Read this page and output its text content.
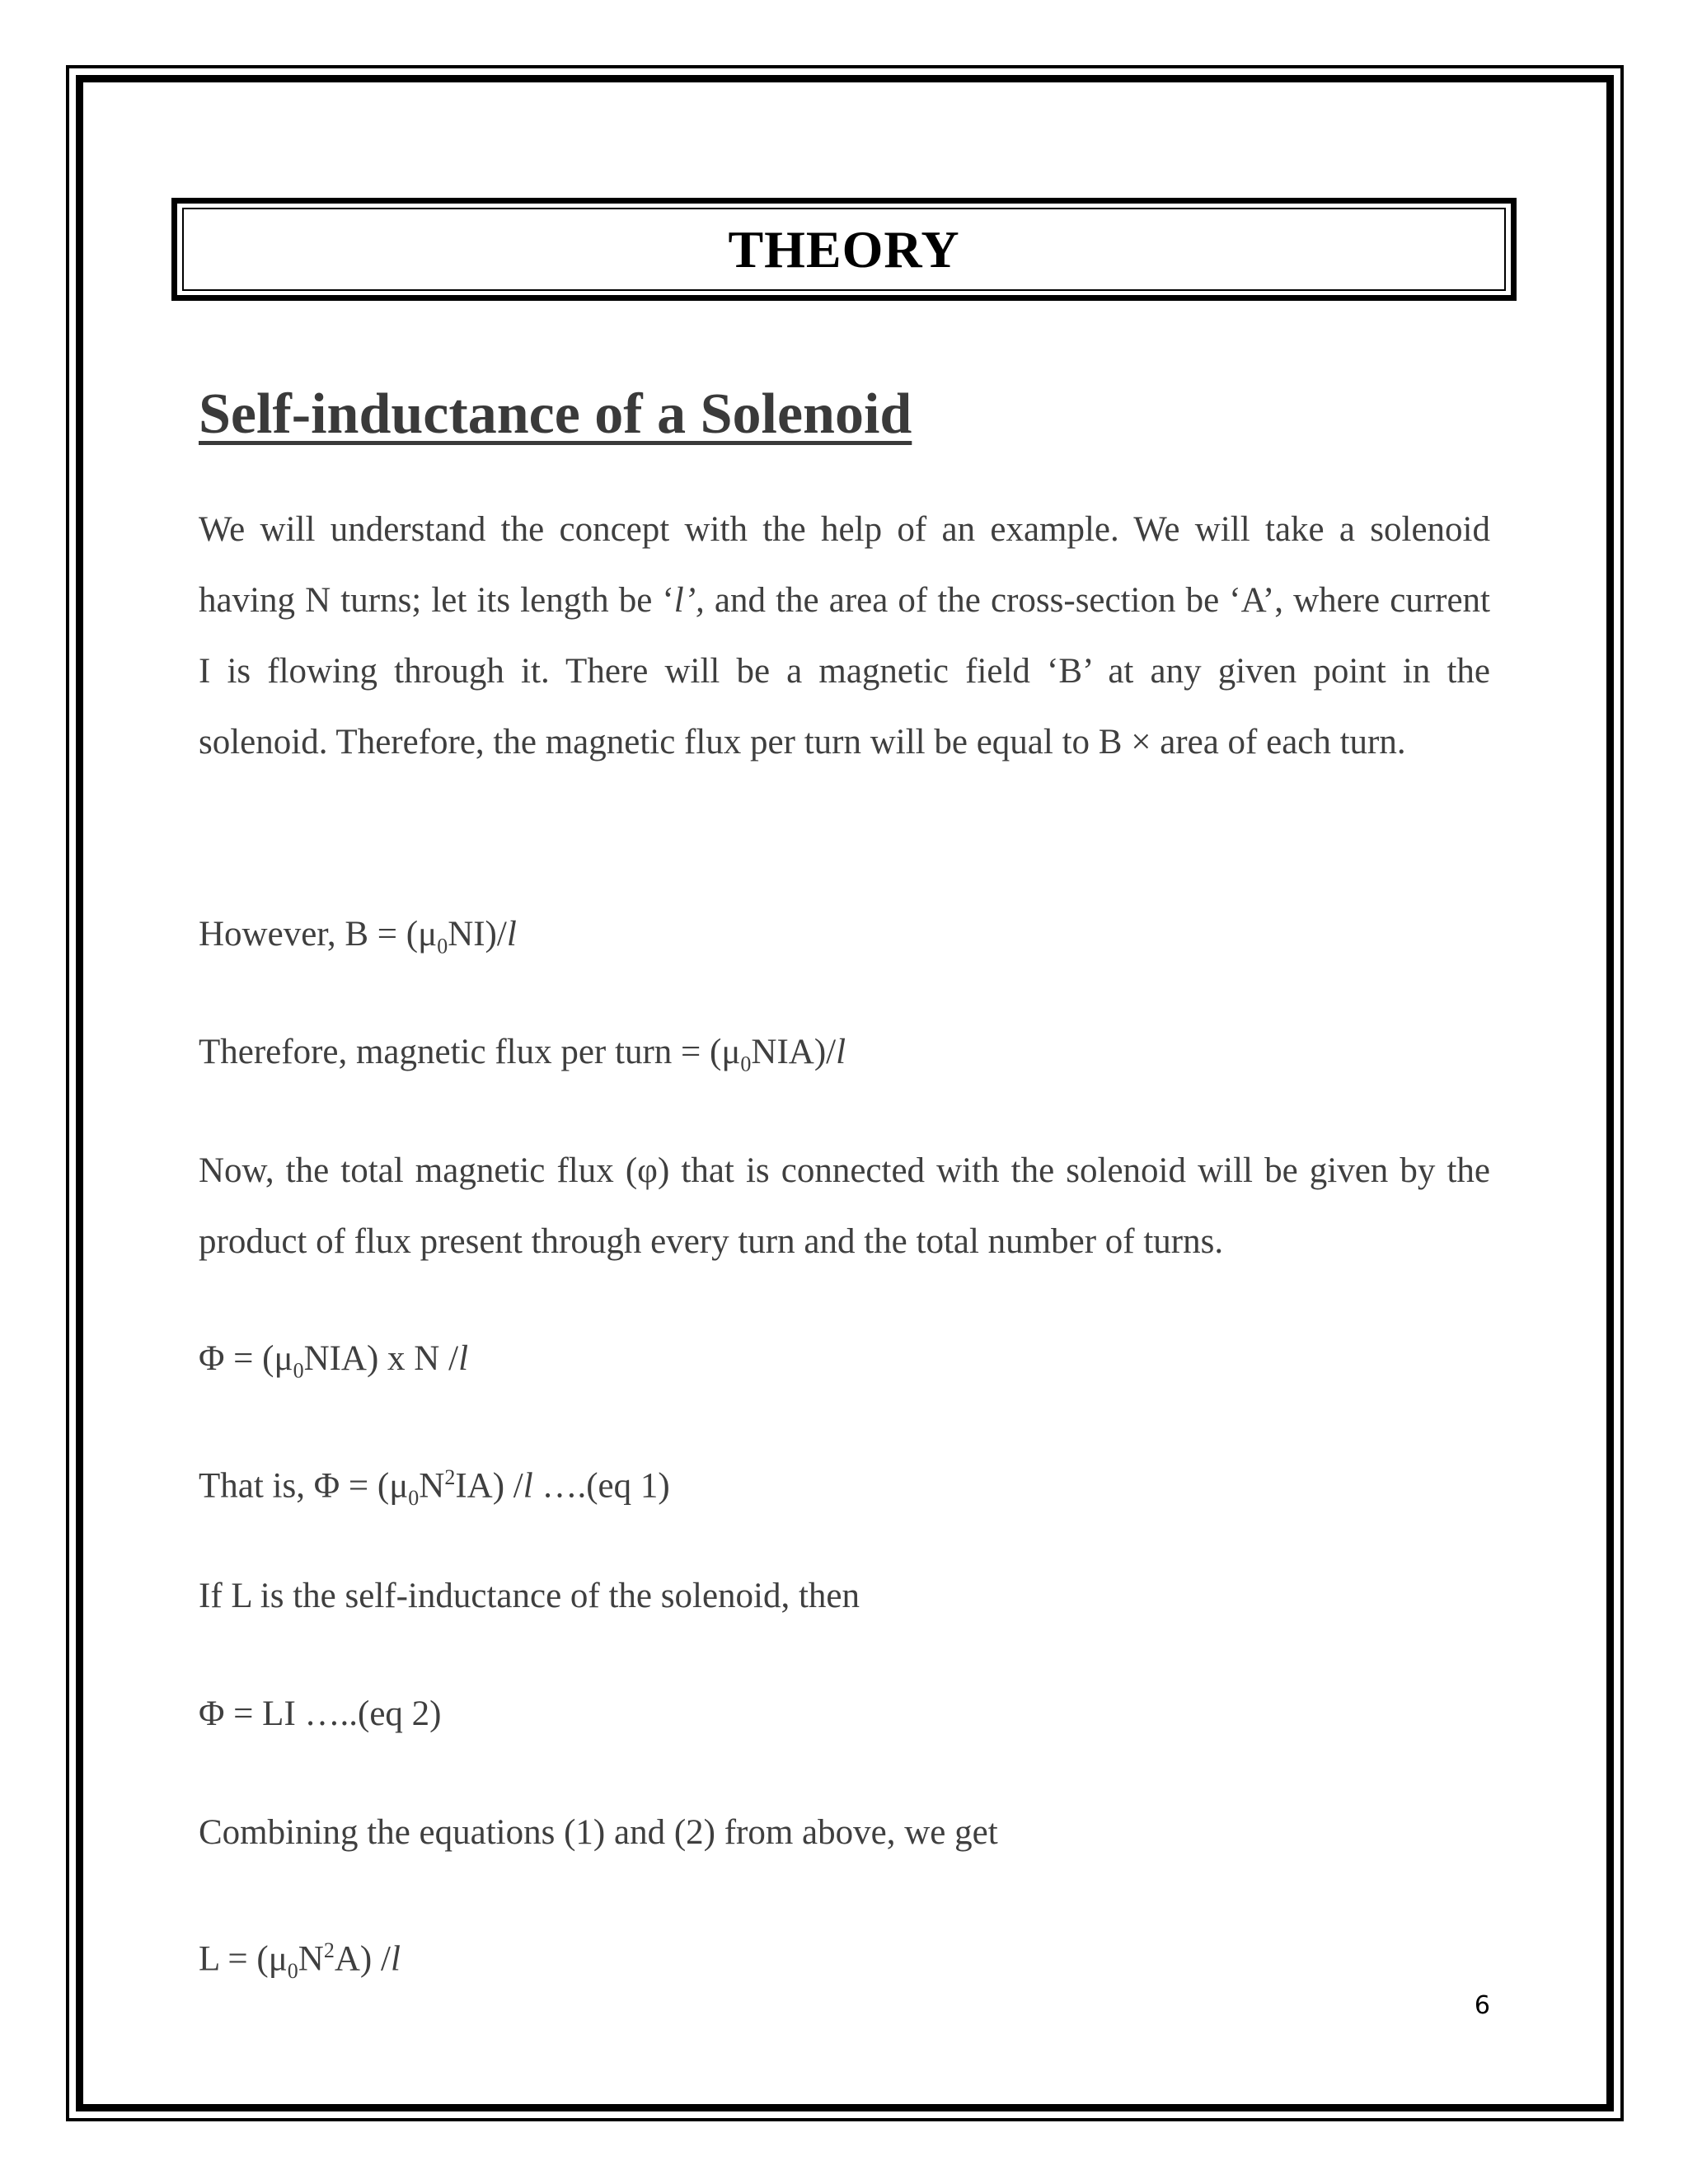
THEORY
Self-inductance of a Solenoid

We will understand the concept with the help of an example. We will take a solenoid having N turns; let its length be ‘l’, and the area of the cross-section be ‘A’, where current I is flowing through it. There will be a magnetic field ‘B’ at any given point in the solenoid. Therefore, the magnetic flux per turn will be equal to B × area of each turn.

However, $B = (\mu_0NI)/l$

Therefore, magnetic flux per turn = $(\mu_0NIA)/l$

Now, the total magnetic flux (φ) that is connected with the solenoid will be given by the product of flux present through every turn and the total number of turns.

$\Phi = (\mu_0NIA)$ x N /l

That is, $\Phi = (\mu_0N^2IA)$ /l ….(eq 1)

If L is the self-inductance of the solenoid, then

Φ = LI …..(eq 2)

Combining the equations (1) and (2) from above, we get

$L = (\mu_0N^2A)$ /l

6
